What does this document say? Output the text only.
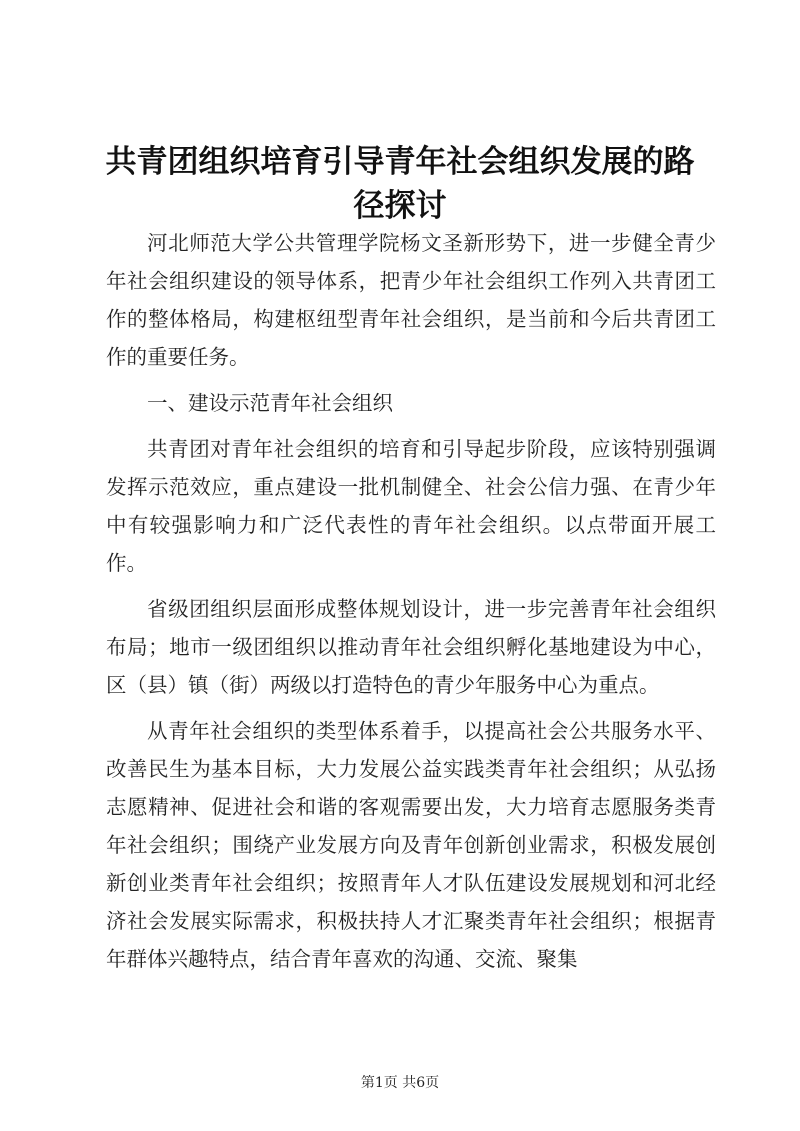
共青团组织培育引导青年社会组织发展的路径探讨

河北师范大学公共管理学院杨文圣新形势下，进一步健全青少年社会组织建设的领导体系，把青少年社会组织工作列入共青团工作的整体格局，构建枢纽型青年社会组织，是当前和今后共青团工作的重要任务。

一、建设示范青年社会组织

共青团对青年社会组织的培育和引导起步阶段，应该特别强调发挥示范效应，重点建设一批机制健全、社会公信力强、在青少年中有较强影响力和广泛代表性的青年社会组织。以点带面开展工作。

省级团组织层面形成整体规划设计，进一步完善青年社会组织布局；地市一级团组织以推动青年社会组织孵化基地建设为中心，区（县）镇（街）两级以打造特色的青少年服务中心为重点。

从青年社会组织的类型体系着手，以提高社会公共服务水平、改善民生为基本目标，大力发展公益实践类青年社会组织；从弘扬志愿精神、促进社会和谐的客观需要出发，大力培育志愿服务类青年社会组织；围绕产业发展方向及青年创新创业需求，积极发展创新创业类青年社会组织；按照青年人才队伍建设发展规划和河北经济社会发展实际需求，积极扶持人才汇聚类青年社会组织；根据青年群体兴趣特点，结合青年喜欢的沟通、交流、聚集

第1页 共6页
